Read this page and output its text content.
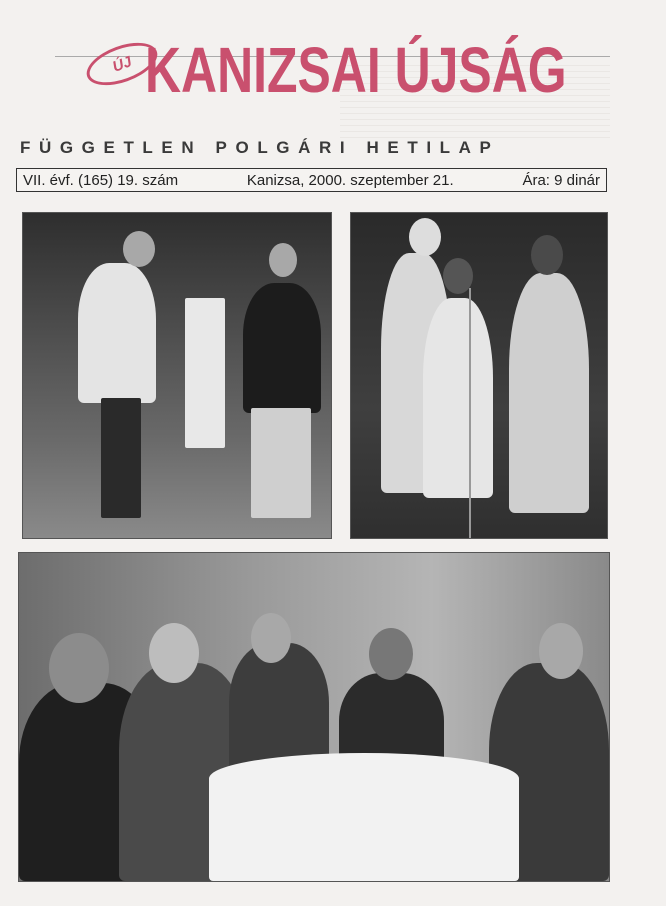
ÚJ KANIZSAI ÚJSÁG
FÜGGETLEN POLGÁRI HETILAP
VII. évf. (165) 19. szám	Kanizsa, 2000. szeptember 21.	Ára: 9 dinár
